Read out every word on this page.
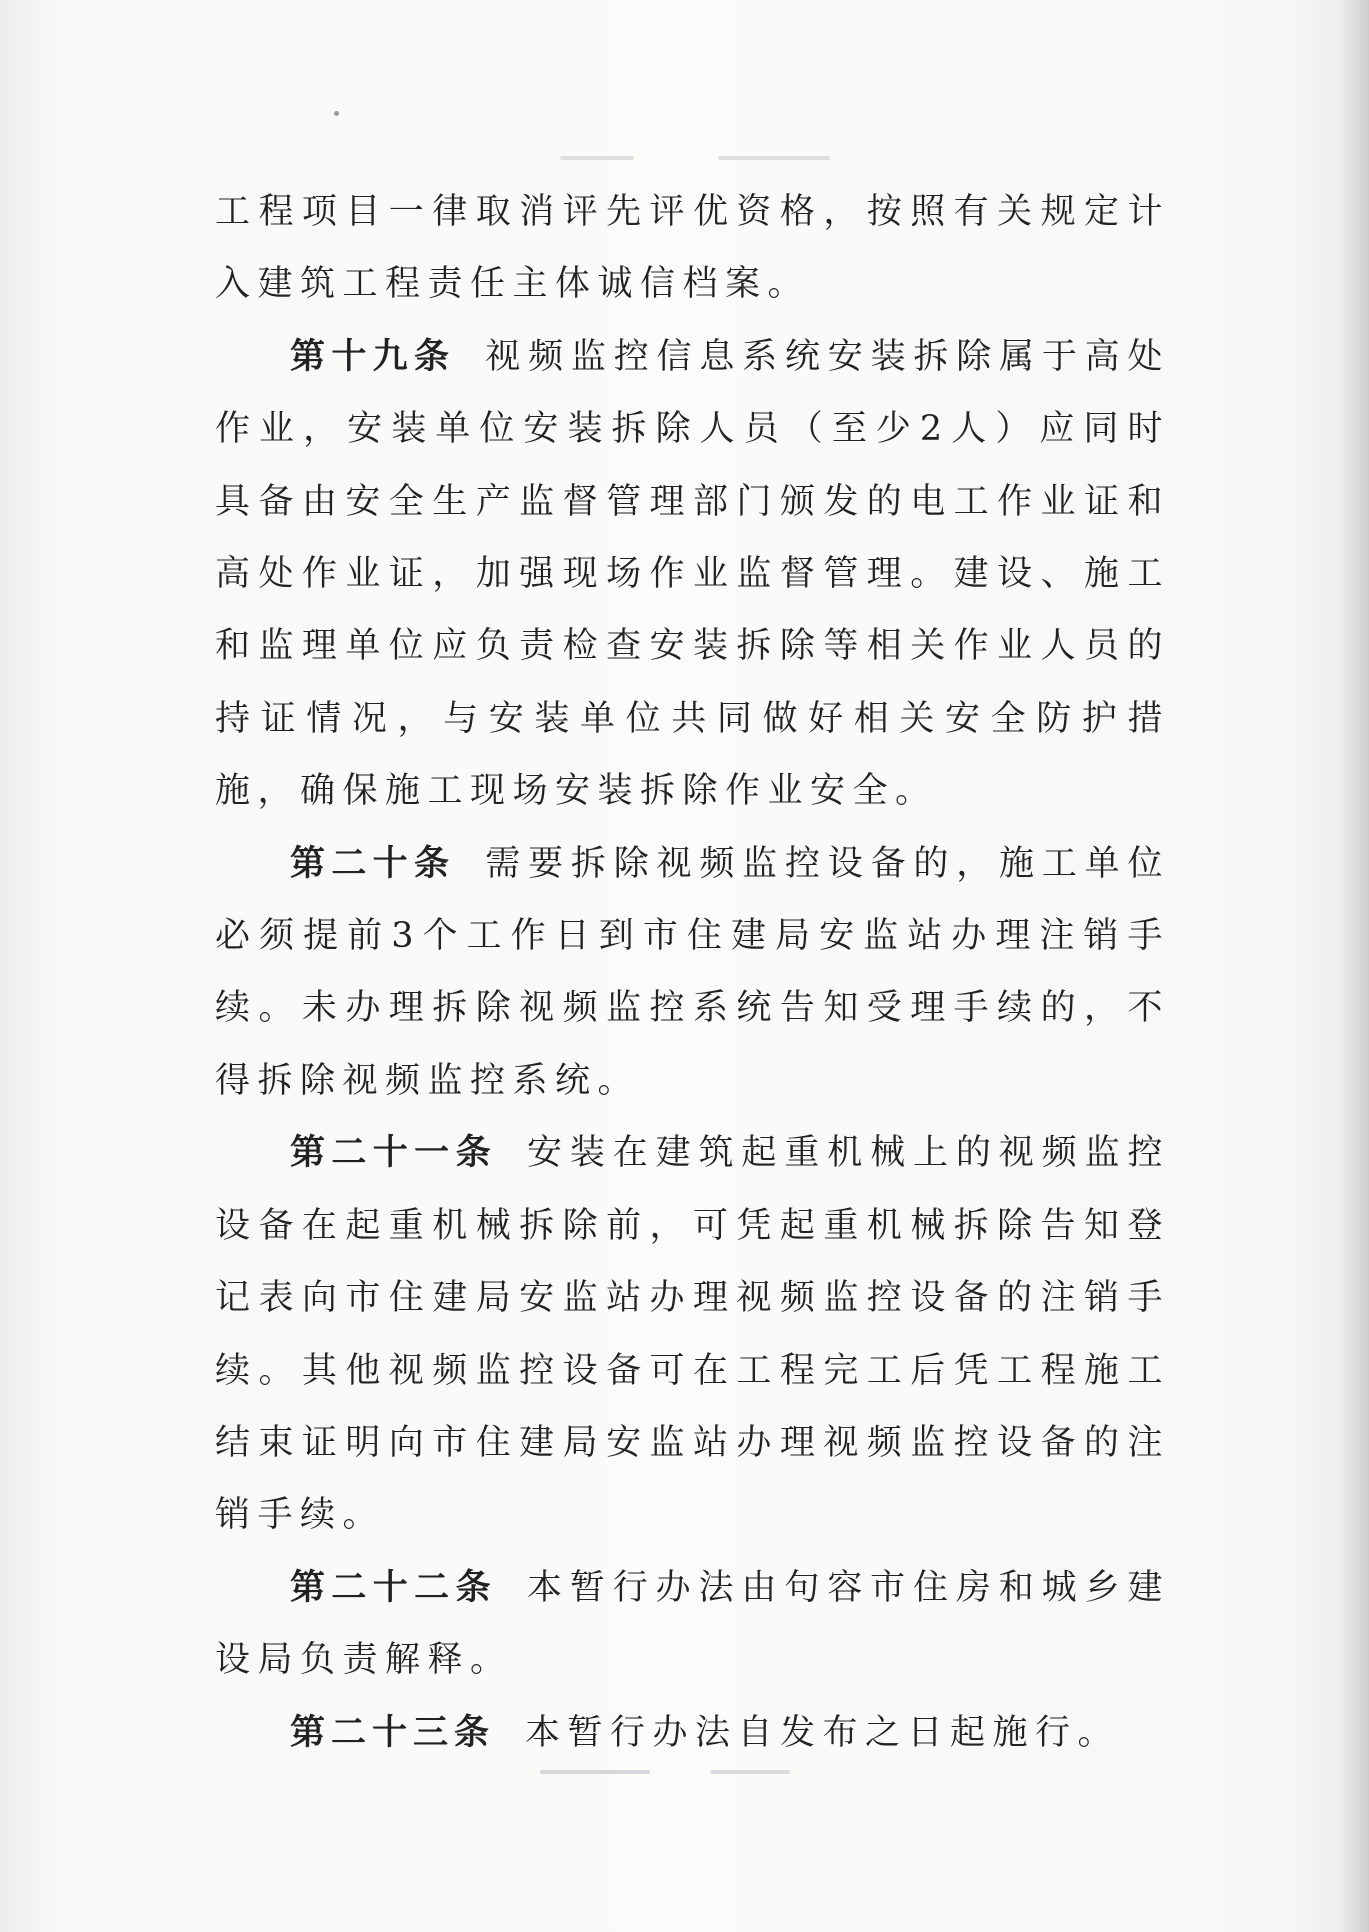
工程项目一律取消评先评优资格，按照有关规定计入建筑工程责任主体诚信档案。

第十九条 视频监控信息系统安装拆除属于高处作业，安装单位安装拆除人员（至少2人）应同时具备由安全生产监督管理部门颁发的电工作业证和高处作业证，加强现场作业监督管理。建设、施工和监理单位应负责检查安装拆除等相关作业人员的持证情况，与安装单位共同做好相关安全防护措施，确保施工现场安装拆除作业安全。

第二十条 需要拆除视频监控设备的，施工单位必须提前3个工作日到市住建局安监站办理注销手续。未办理拆除视频监控系统告知受理手续的，不得拆除视频监控系统。

第二十一条 安装在建筑起重机械上的视频监控设备在起重机械拆除前，可凭起重机械拆除告知登记表向市住建局安监站办理视频监控设备的注销手续。其他视频监控设备可在工程完工后凭工程施工结束证明向市住建局安监站办理视频监控设备的注销手续。

第二十二条 本暂行办法由句容市住房和城乡建设局负责解释。

第二十三条 本暂行办法自发布之日起施行。
